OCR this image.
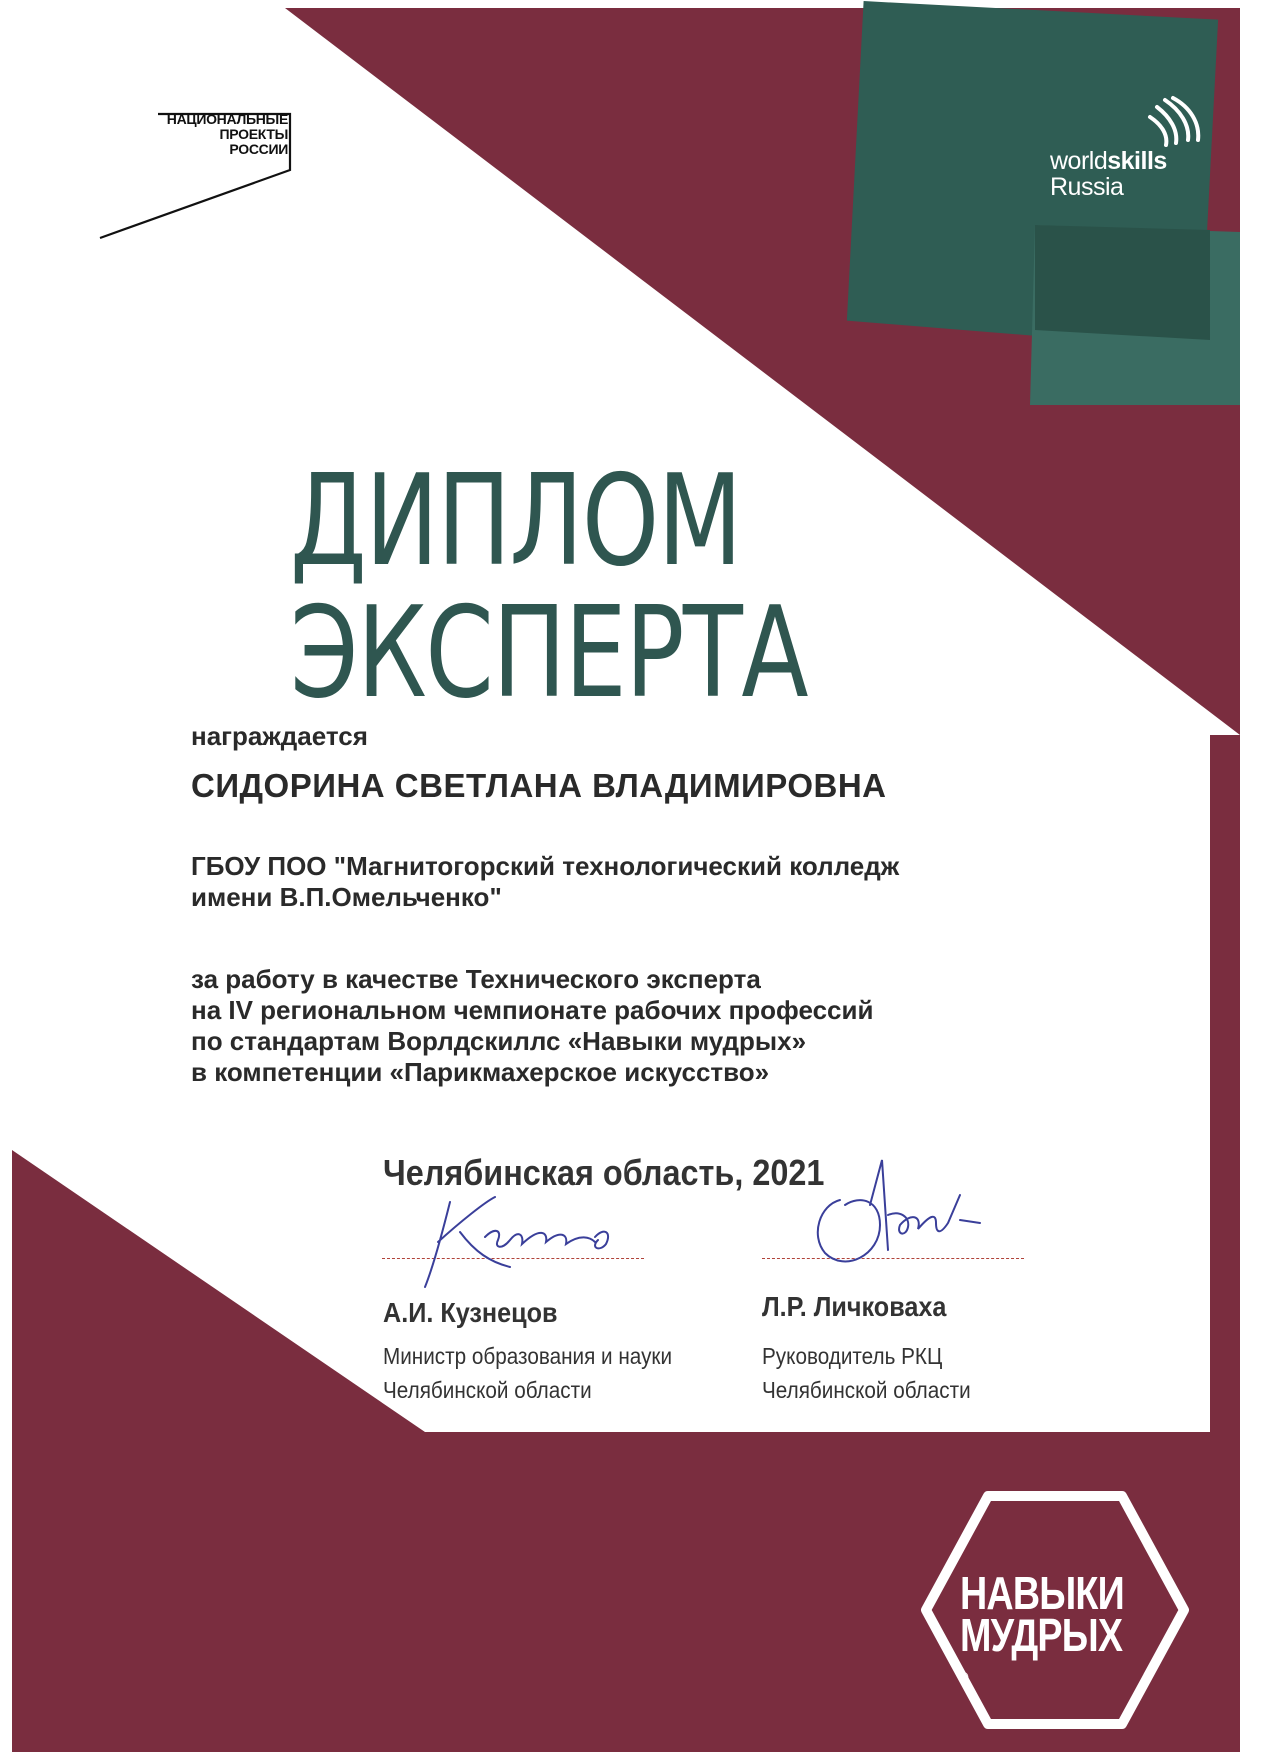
НАЦИОНАЛЬНЫЕ
ПРОЕКТЫ
РОССИИ	worldskills
Russia
ДИПЛОМ
ЭКСПЕРТА
награждается
СИДОРИНА СВЕТЛАНА ВЛАДИМИРОВНА
ГБОУ ПОО "Магнитогорский технологический колледж
имени В.П.Омельченко"
за работу в качестве Технического эксперта
на IV региональном чемпионате рабочих профессий
по стандартам Ворлдскиллс «Навыки мудрых»
в компетенции «Парикмахерское искусство»
Челябинская область, 2021
А.И. Кузнецов
Министр образования и науки
Челябинской области
Л.Р. Личковаха
Руководитель РКЦ
Челябинской области
НАВЫКИ
МУДРЫХ
®
